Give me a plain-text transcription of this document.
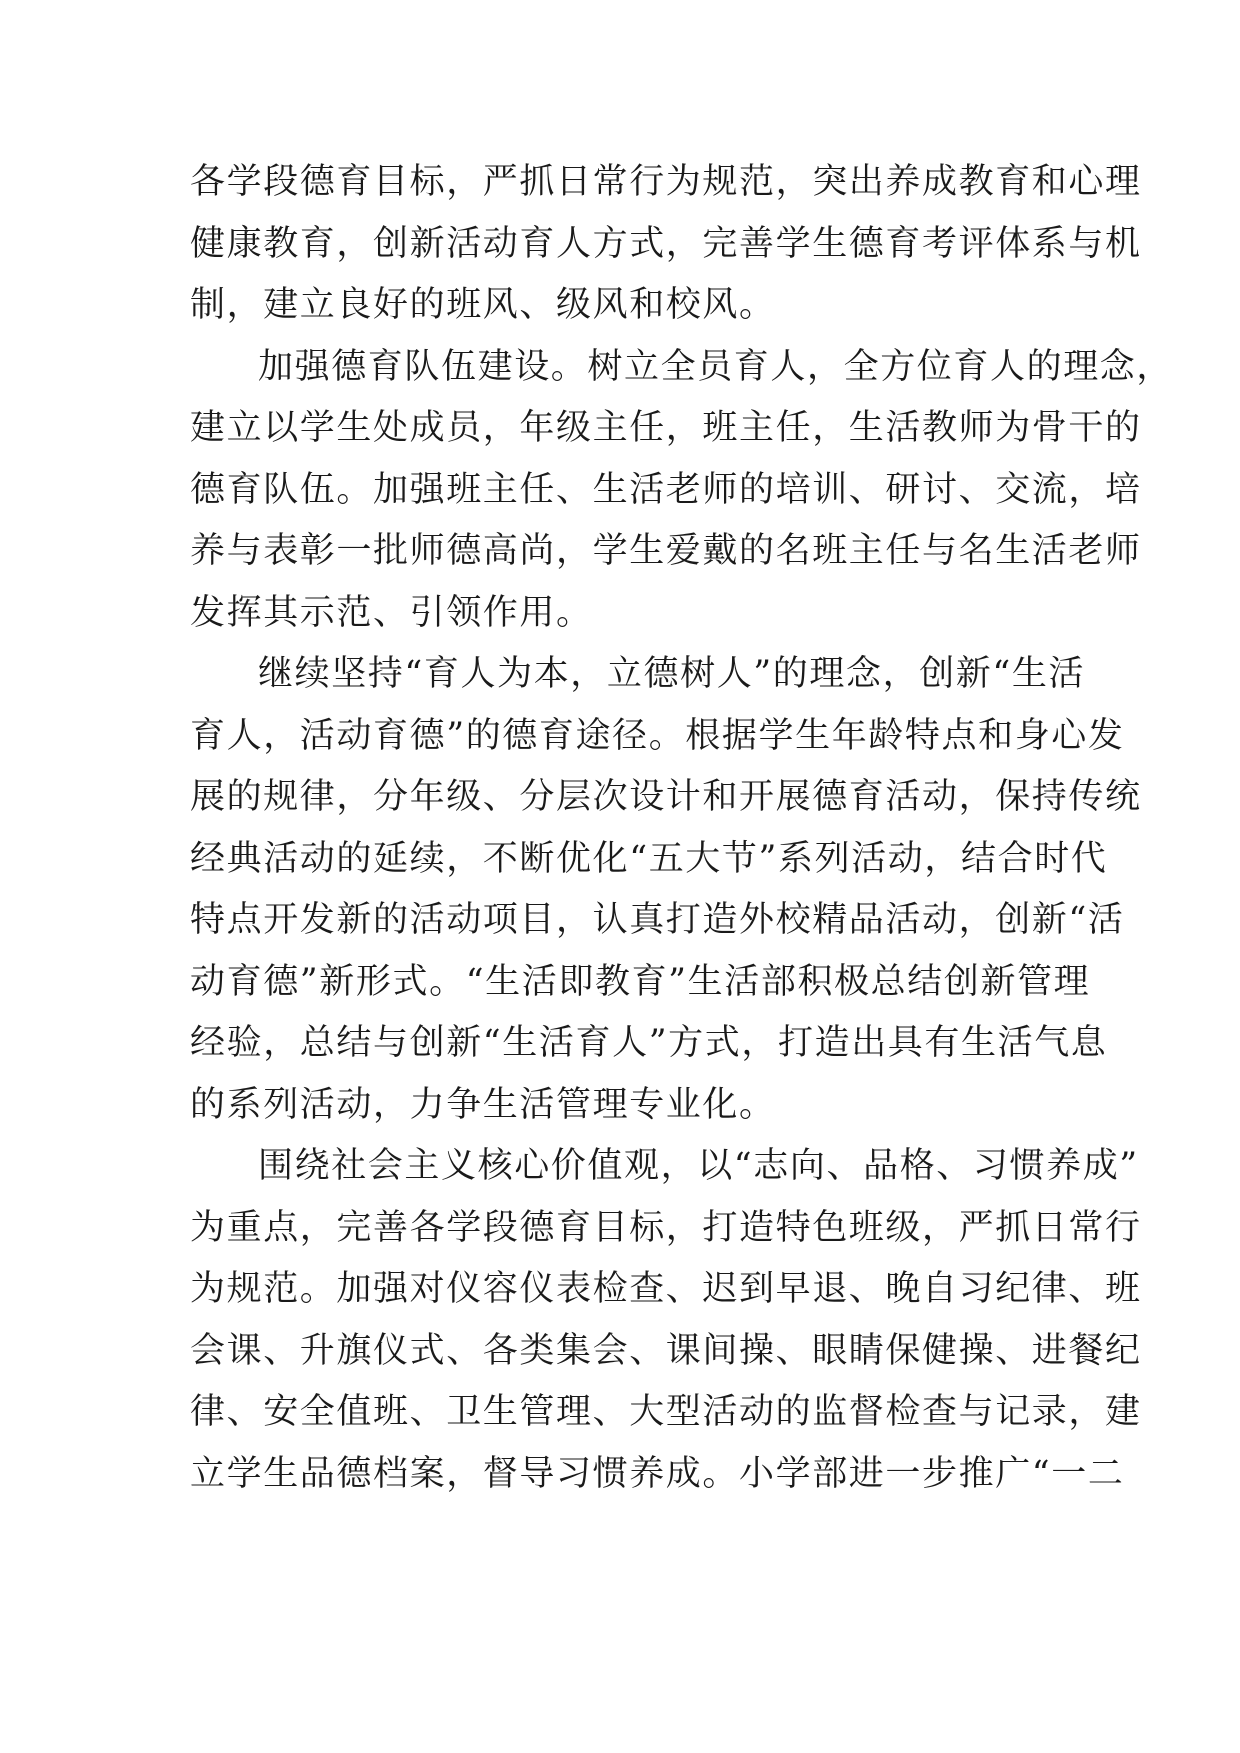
各学段德育目标，严抓日常行为规范，突出养成教育和心理
健康教育，创新活动育人方式，完善学生德育考评体系与机
制，建立良好的班风、级风和校风。
加强德育队伍建设。树立全员育人，全方位育人的理念，
建立以学生处成员，年级主任，班主任，生活教师为骨干的
德育队伍。加强班主任、生活老师的培训、研讨、交流，培
养与表彰一批师德高尚，学生爱戴的名班主任与名生活老师
发挥其示范、引领作用。
继续坚持“育人为本，立德树人”的理念，创新“生活
育人，活动育德”的德育途径。根据学生年龄特点和身心发
展的规律，分年级、分层次设计和开展德育活动，保持传统
经典活动的延续，不断优化“五大节”系列活动，结合时代
特点开发新的活动项目，认真打造外校精品活动，创新“活
动育德”新形式。“生活即教育”生活部积极总结创新管理
经验，总结与创新“生活育人”方式，打造出具有生活气息
的系列活动，力争生活管理专业化。
围绕社会主义核心价值观，以“志向、品格、习惯养成”
为重点，完善各学段德育目标，打造特色班级，严抓日常行
为规范。加强对仪容仪表检查、迟到早退、晚自习纪律、班
会课、升旗仪式、各类集会、课间操、眼睛保健操、进餐纪
律、安全值班、卫生管理、大型活动的监督检查与记录，建
立学生品德档案，督导习惯养成。小学部进一步推广“一二
